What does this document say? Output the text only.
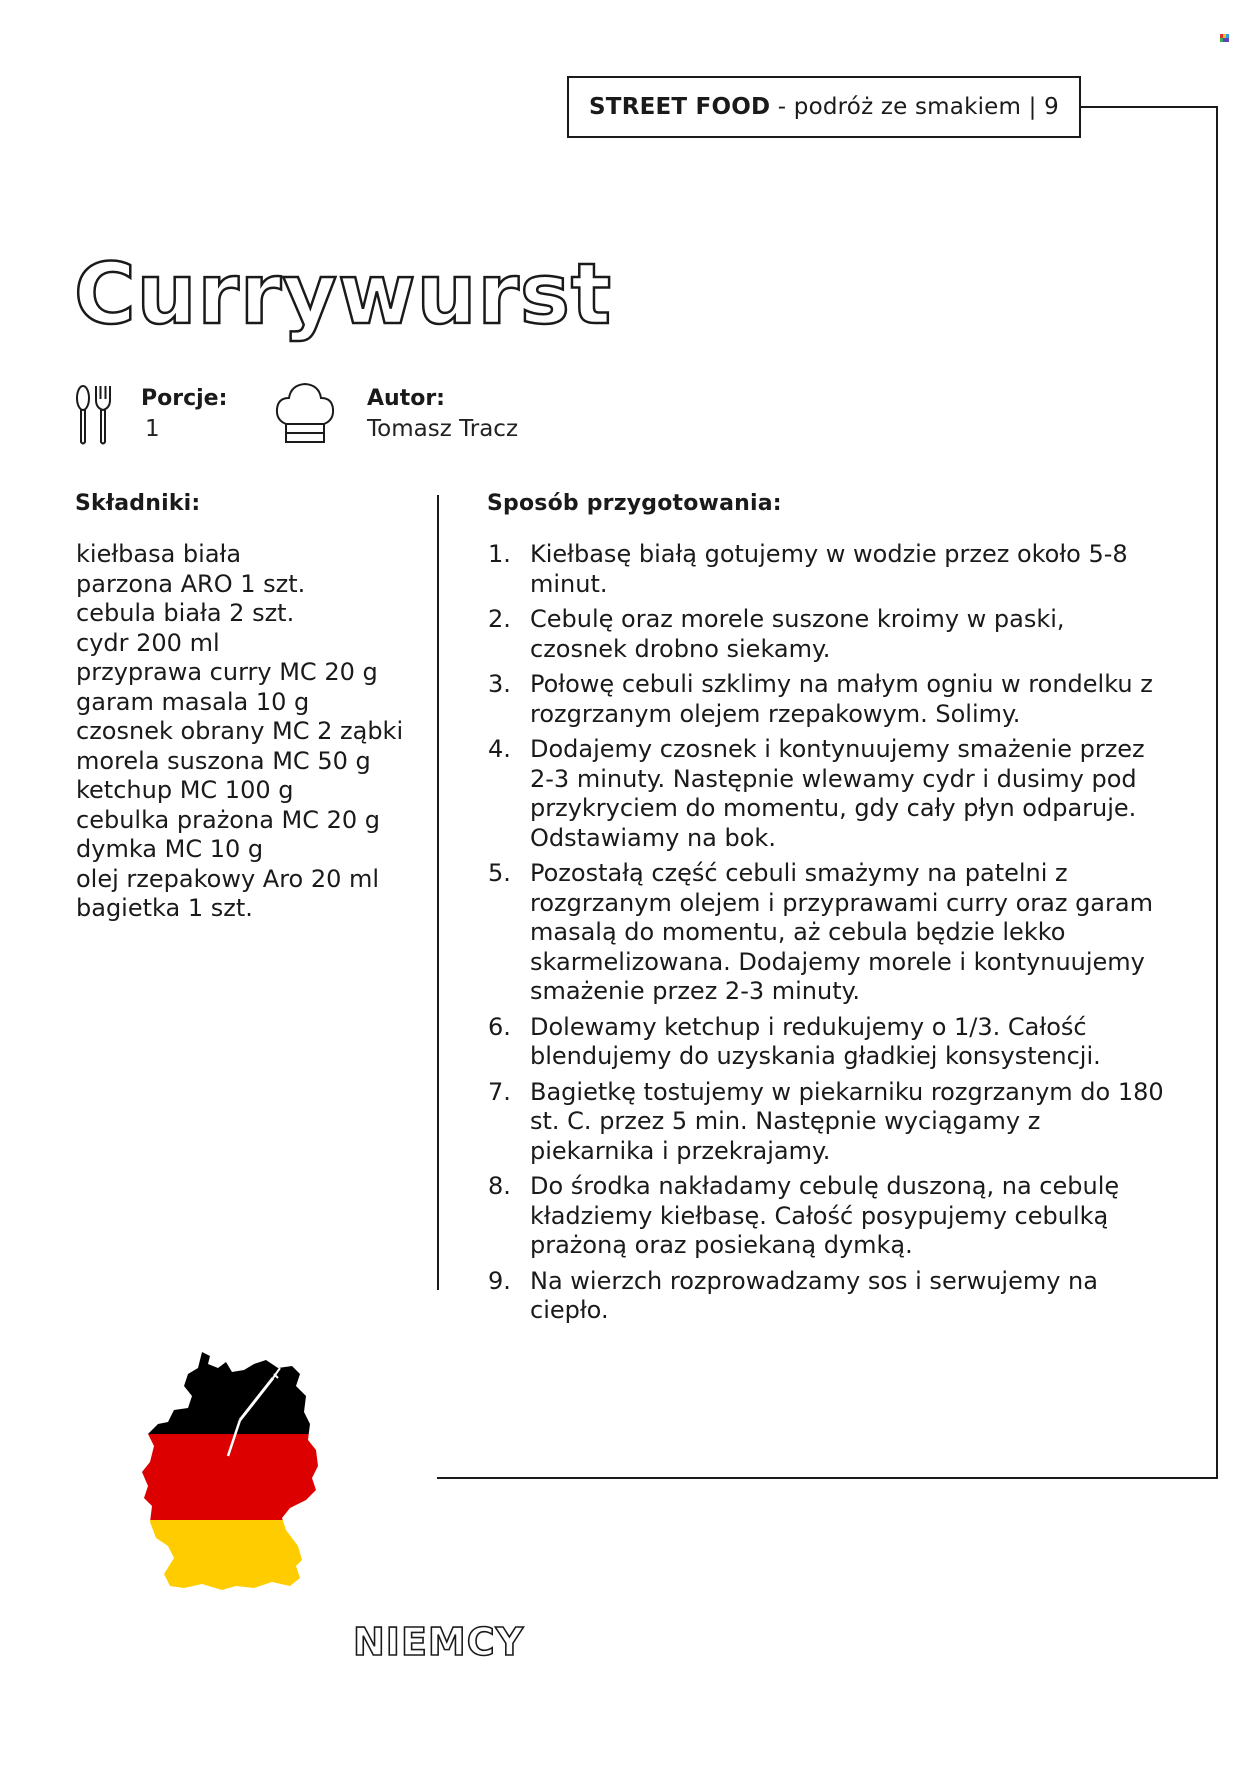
STREET FOOD - podróż ze smakiem | 9
Currywurst
Porcje:
1
Autor:
Tomasz Tracz
Składniki:
kiełbasa biała
parzona ARO 1 szt.
cebula biała 2 szt.
cydr 200 ml
przyprawa curry MC 20 g
garam masala 10 g
czosnek obrany MC 2 ząbki
morela suszona MC 50 g
ketchup MC 100 g
cebulka prażona MC 20 g
dymka MC 10 g
olej rzepakowy Aro 20 ml
bagietka 1 szt.
Sposób przygotowania:
1. Kiełbasę białą gotujemy w wodzie przez około 5-8 minut.
2. Cebulę oraz morele suszone kroimy w paski, czosnek drobno siekamy.
3. Połowę cebuli szklimy na małym ogniu w rondelku z rozgrzanym olejem rzepakowym. Solimy.
4. Dodajemy czosnek i kontynuujemy smażenie przez 2-3 minuty. Następnie wlewamy cydr i dusimy pod przykryciem do momentu, gdy cały płyn odparuje. Odstawiamy na bok.
5. Pozostałą część cebuli smażymy na patelni z rozgrzanym olejem i przyprawami curry oraz garam masalą do momentu, aż cebula będzie lekko skarmelizowana. Dodajemy morele i kontynuujemy smażenie przez 2-3 minuty.
6. Dolewamy ketchup i redukujemy o 1/3. Całość blendujemy do uzyskania gładkiej konsystencji.
7. Bagietkę tostujemy w piekarniku rozgrzanym do 180 st. C. przez 5 min. Następnie wyciągamy z piekarnika i przekrajamy.
8. Do środka nakładamy cebulę duszoną, na cebulę kładziemy kiełbasę. Całość posypujemy cebulką prażoną oraz posiekaną dymką.
9. Na wierzch rozprowadzamy sos i serwujemy na ciepło.
NIEMCY
